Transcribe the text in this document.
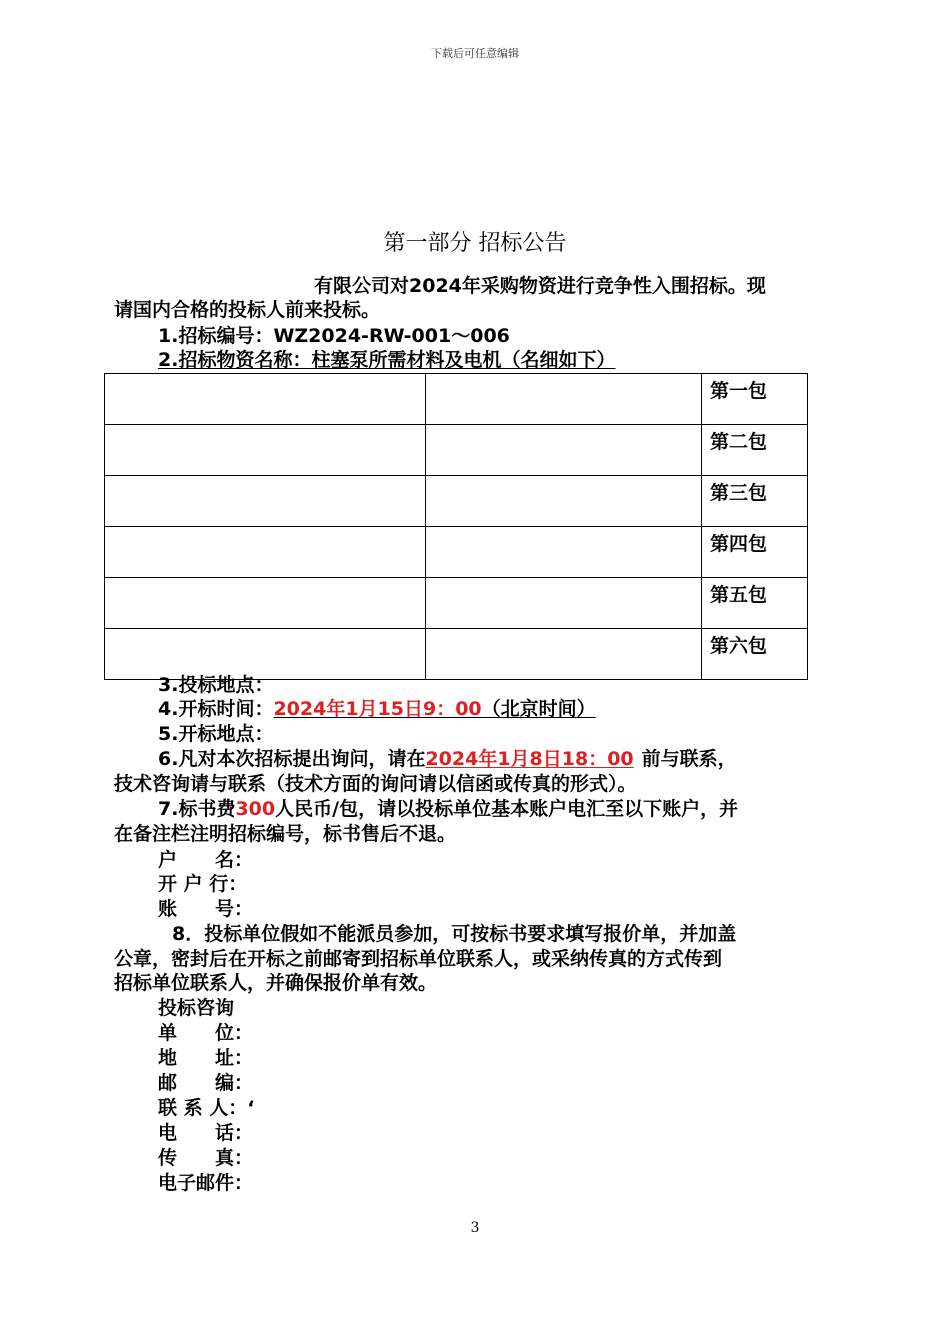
下载后可任意编辑
第一部分 招标公告
有限公司对2024年采购物资进行竞争性入围招标。现
请国内合格的投标人前来投标。
1.招标编号：WZ2024-RW-001～006
2.招标物资名称：柱塞泵所需材料及电机（名细如下）
		第一包
		第二包
		第三包
		第四包
		第五包
		第六包
3.投标地点：
4.开标时间：2024年1月15日9：00（北京时间）
5.开标地点：
6.凡对本次招标提出询问，请在2024年1月8日18：00 前与联系，
技术咨询请与联系（技术方面的询问请以信函或传真的形式）。
7.标书费300人民币/包，请以投标单位基本账户电汇至以下账户，并
在备注栏注明招标编号，标书售后不退。
户　　名：
开 户 行：
账　　号：
8．投标单位假如不能派员参加，可按标书要求填写报价单，并加盖
公章，密封后在开标之前邮寄到招标单位联系人，或采纳传真的方式传到
招标单位联系人，并确保报价单有效。
投标咨询
单　　位：
地　　址：
邮　　编：
联 系 人：‘
电　　话：
传　　真：
电子邮件：
3
